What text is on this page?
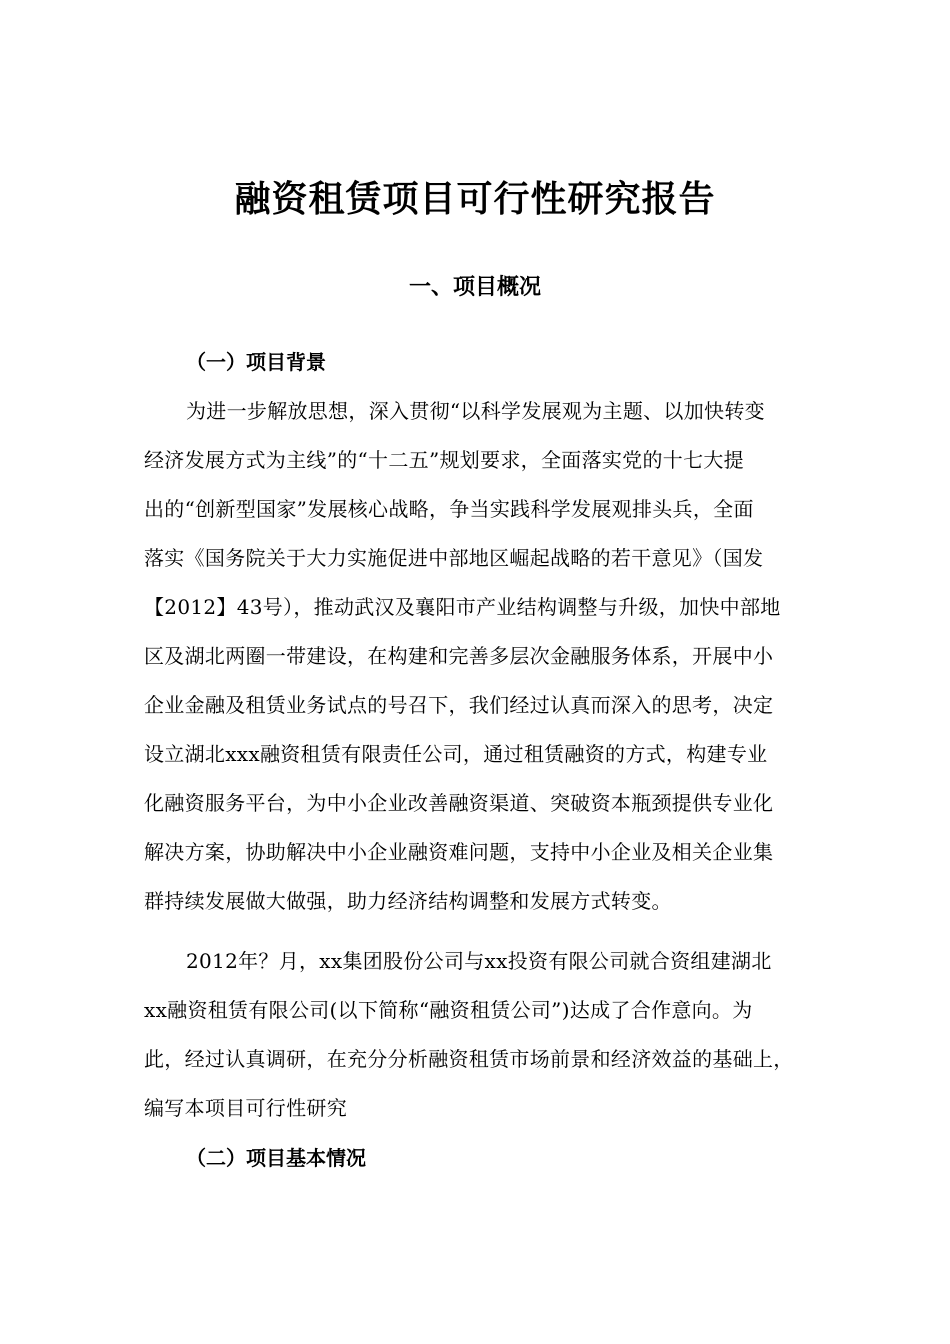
融资租赁项目可行性研究报告
一、项目概况
（一）项目背景
为进一步解放思想，深入贯彻“以科学发展观为主题、以加快转变
经济发展方式为主线”的“十二五”规划要求，全面落实党的十七大提
出的“创新型国家”发展核心战略，争当实践科学发展观排头兵，全面
落实《国务院关于大力实施促进中部地区崛起战略的若干意见》（国发
【2012】43号），推动武汉及襄阳市产业结构调整与升级，加快中部地
区及湖北两圈一带建设，在构建和完善多层次金融服务体系，开展中小
企业金融及租赁业务试点的号召下，我们经过认真而深入的思考，决定
设立湖北xxx融资租赁有限责任公司，通过租赁融资的方式，构建专业
化融资服务平台，为中小企业改善融资渠道、突破资本瓶颈提供专业化
解决方案，协助解决中小企业融资难问题，支持中小企业及相关企业集
群持续发展做大做强，助力经济结构调整和发展方式转变。
2012年？月，xx集团股份公司与xx投资有限公司就合资组建湖北
xx融资租赁有限公司(以下简称“融资租赁公司”)达成了合作意向。为
此，经过认真调研，在充分分析融资租赁市场前景和经济效益的基础上，
编写本项目可行性研究
（二）项目基本情况
